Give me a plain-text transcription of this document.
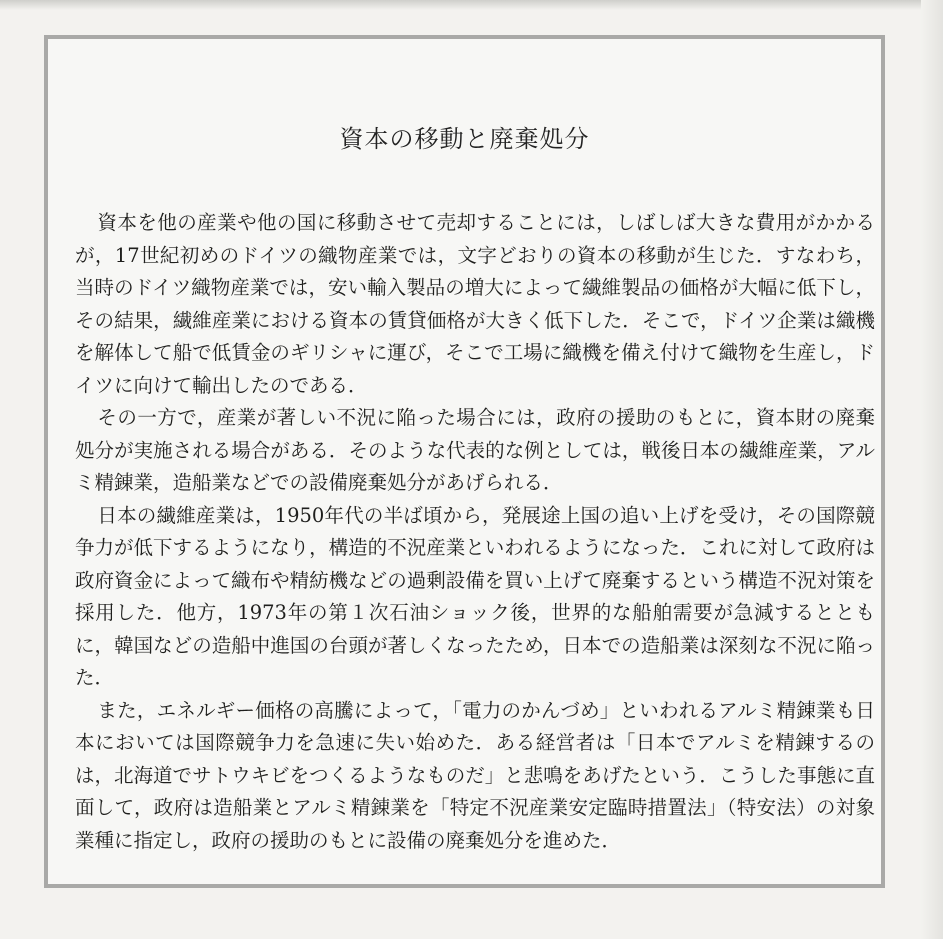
資本の移動と廃棄処分

資本を他の産業や他の国に移動させて売却することには，しばしば大きな費用がかかるが，17世紀初めのドイツの織物産業では，文字どおりの資本の移動が生じた．すなわち，当時のドイツ織物産業では，安い輸入製品の増大によって繊維製品の価格が大幅に低下し，その結果，繊維産業における資本の賃貸価格が大きく低下した．そこで，ドイツ企業は織機を解体して船で低賃金のギリシャに運び，そこで工場に織機を備え付けて織物を生産し，ドイツに向けて輸出したのである．

その一方で，産業が著しい不況に陥った場合には，政府の援助のもとに，資本財の廃棄処分が実施される場合がある．そのような代表的な例としては，戦後日本の繊維産業，アルミ精錬業，造船業などでの設備廃棄処分があげられる．

日本の繊維産業は，1950年代の半ば頃から，発展途上国の追い上げを受け，その国際競争力が低下するようになり，構造的不況産業といわれるようになった．これに対して政府は政府資金によって織布や精紡機などの過剰設備を買い上げて廃棄するという構造不況対策を採用した．他方，1973年の第１次石油ショック後，世界的な船舶需要が急減するとともに，韓国などの造船中進国の台頭が著しくなったため，日本での造船業は深刻な不況に陥った．

また，エネルギー価格の高騰によって，「電力のかんづめ」といわれるアルミ精錬業も日本においては国際競争力を急速に失い始めた．ある経営者は「日本でアルミを精錬するのは，北海道でサトウキビをつくるようなものだ」と悲鳴をあげたという．こうした事態に直面して，政府は造船業とアルミ精錬業を「特定不況産業安定臨時措置法」（特安法）の対象業種に指定し，政府の援助のもとに設備の廃棄処分を進めた．
